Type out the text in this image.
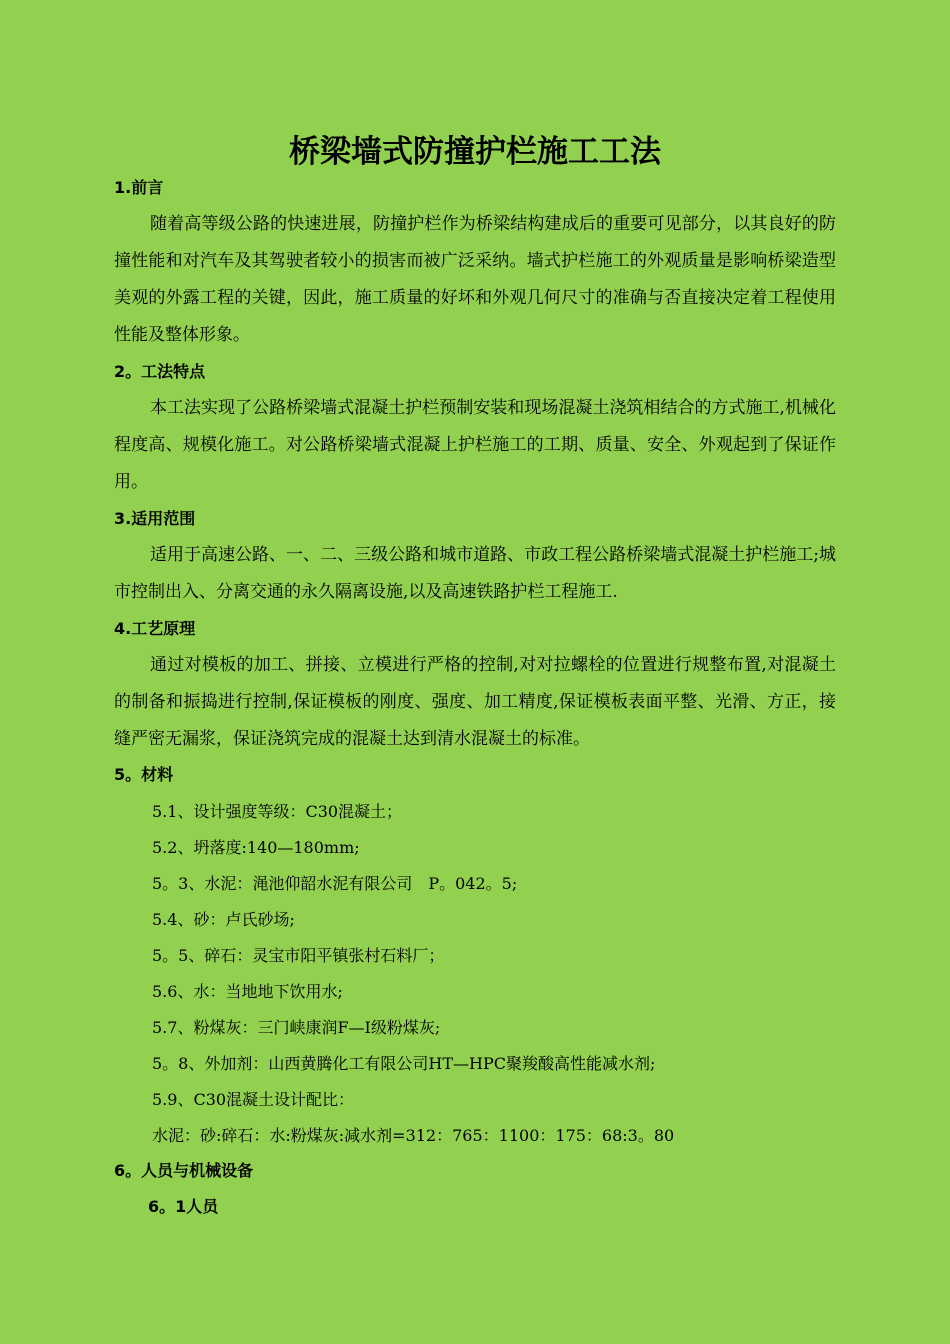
桥梁墙式防撞护栏施工工法
1.前言
随着高等级公路的快速进展，防撞护栏作为桥梁结构建成后的重要可见部分，以其良好的防撞性能和对汽车及其驾驶者较小的损害而被广泛采纳。墙式护栏施工的外观质量是影响桥梁造型美观的外露工程的关键，因此，施工质量的好坏和外观几何尺寸的准确与否直接决定着工程使用性能及整体形象。
2。工法特点
本工法实现了公路桥梁墙式混凝土护栏预制安装和现场混凝土浇筑相结合的方式施工,机械化程度高、规模化施工。对公路桥梁墙式混凝上护栏施工的工期、质量、安全、外观起到了保证作用。
3.适用范围
适用于高速公路、一、二、三级公路和城市道路、市政工程公路桥梁墙式混凝土护栏施工;城市控制出入、分离交通的永久隔离设施,以及高速铁路护栏工程施工.
4.工艺原理
通过对模板的加工、拼接、立模进行严格的控制,对对拉螺栓的位置进行规整布置,对混凝土的制备和振捣进行控制,保证模板的刚度、强度、加工精度,保证模板表面平整、光滑、方正，接缝严密无漏浆，保证浇筑完成的混凝土达到清水混凝土的标准。
5。材料
5.1、设计强度等级：C30混凝土；
5.2、坍落度:140—180mm;
5。3、水泥：渑池仰韶水泥有限公司　P。042。5;
5.4、砂：卢氏砂场;
5。5、碎石：灵宝市阳平镇张村石料厂；
5.6、水：当地地下饮用水;
5.7、粉煤灰：三门峡康润F—I级粉煤灰;
5。8、外加剂：山西黄腾化工有限公司HT—HPC聚羧酸高性能减水剂;
5.9、C30混凝土设计配比：
水泥：砂:碎石：水:粉煤灰:减水剂=312：765：1100：175：68:3。80
6。人员与机械设备
6。1人员
